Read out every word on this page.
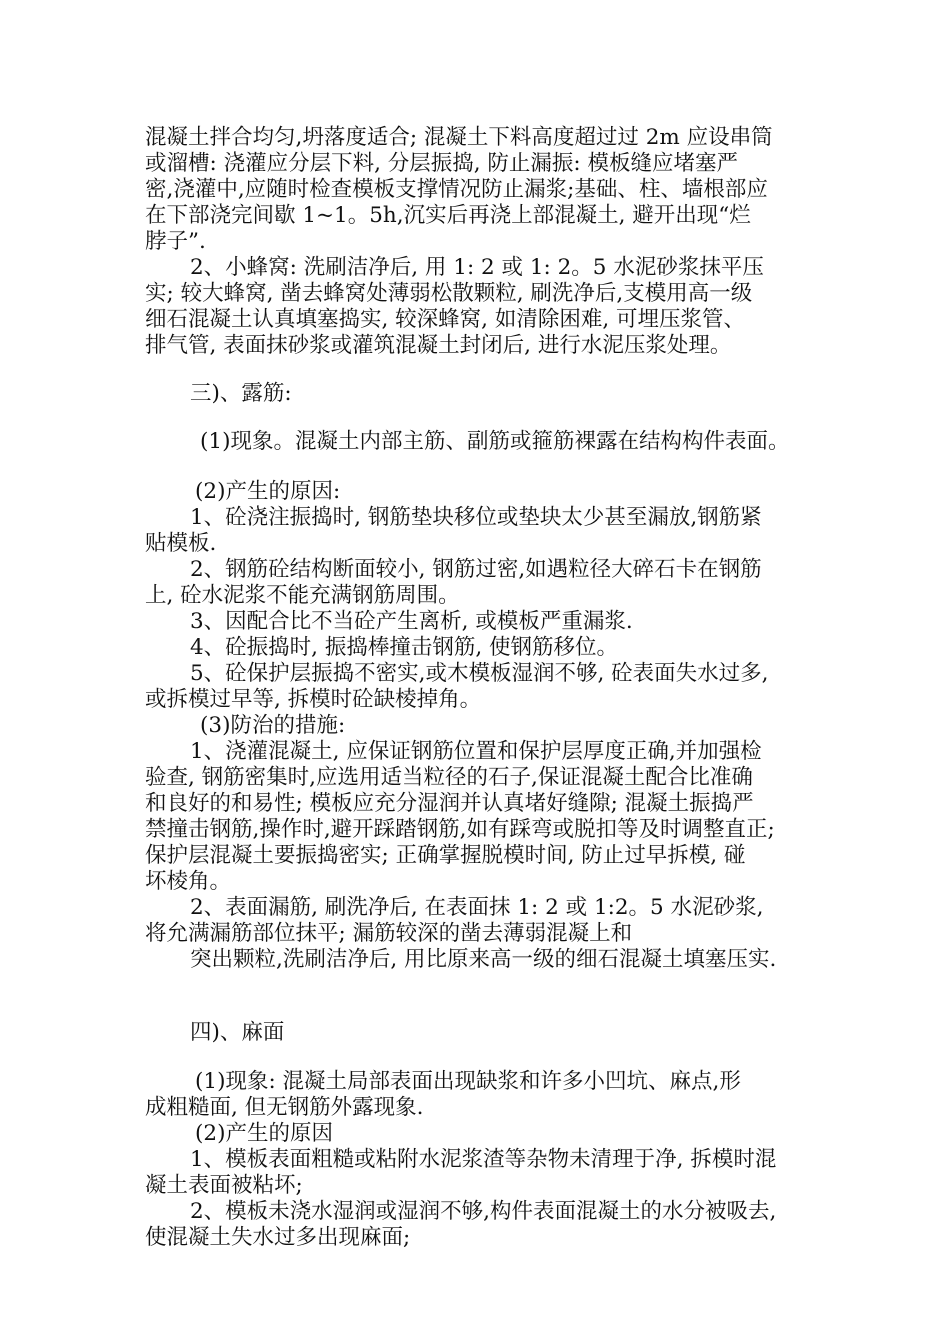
混凝土拌合均匀,坍落度适合; 混凝土下料高度超过过 2m 应设串筒
或溜槽: 浇灌应分层下料, 分层振捣, 防止漏振: 模板缝应堵塞严
密,浇灌中,应随时检查模板支撑情况防止漏浆;基础、柱、墙根部应
在下部浇完间歇 1~1。5h,沉实后再浇上部混凝土, 避开出现“烂
脖子”.
2、小蜂窝: 洗刷洁净后, 用 1: 2 或 1: 2。5 水泥砂浆抹平压
实; 较大蜂窝, 凿去蜂窝处薄弱松散颗粒, 刷洗净后,支模用高一级
细石混凝土认真填塞捣实, 较深蜂窝, 如清除困难, 可埋压浆管、
排气管, 表面抹砂浆或灌筑混凝土封闭后, 进行水泥压浆处理。
三)、露筋:
(1)现象。混凝土内部主筋、副筋或箍筋裸露在结构构件表面。
(2)产生的原因:
1、砼浇注振捣时, 钢筋垫块移位或垫块太少甚至漏放,钢筋紧
贴模板.
2、钢筋砼结构断面较小, 钢筋过密,如遇粒径大碎石卡在钢筋
上, 砼水泥浆不能充满钢筋周围。
3、因配合比不当砼产生离析, 或模板严重漏浆.
4、砼振捣时, 振捣棒撞击钢筋, 使钢筋移位。
5、砼保护层振捣不密实,或木模板湿润不够, 砼表面失水过多,
或拆模过早等, 拆模时砼缺棱掉角。
(3)防治的措施:
1、浇灌混凝土, 应保证钢筋位置和保护层厚度正确,并加强检
验查, 钢筋密集时,应选用适当粒径的石子,保证混凝土配合比准确
和良好的和易性; 模板应充分湿润并认真堵好缝隙; 混凝土振捣严
禁撞击钢筋,操作时,避开踩踏钢筋,如有踩弯或脱扣等及时调整直正;
保护层混凝土要振捣密实; 正确掌握脱模时间, 防止过早拆模, 碰
坏棱角。
2、表面漏筋, 刷洗净后, 在表面抹 1: 2 或 1:2。5 水泥砂浆,
将允满漏筋部位抹平; 漏筋较深的凿去薄弱混凝上和
突出颗粒,洗刷洁净后, 用比原来高一级的细石混凝土填塞压实.
四)、麻面
(1)现象: 混凝土局部表面出现缺浆和许多小凹坑、麻点,形
成粗糙面, 但无钢筋外露现象.
(2)产生的原因
1、模板表面粗糙或粘附水泥浆渣等杂物未清理于净, 拆模时混
凝土表面被粘坏;
2、模板未浇水湿润或湿润不够,构件表面混凝土的水分被吸去,
使混凝土失水过多出现麻面;
